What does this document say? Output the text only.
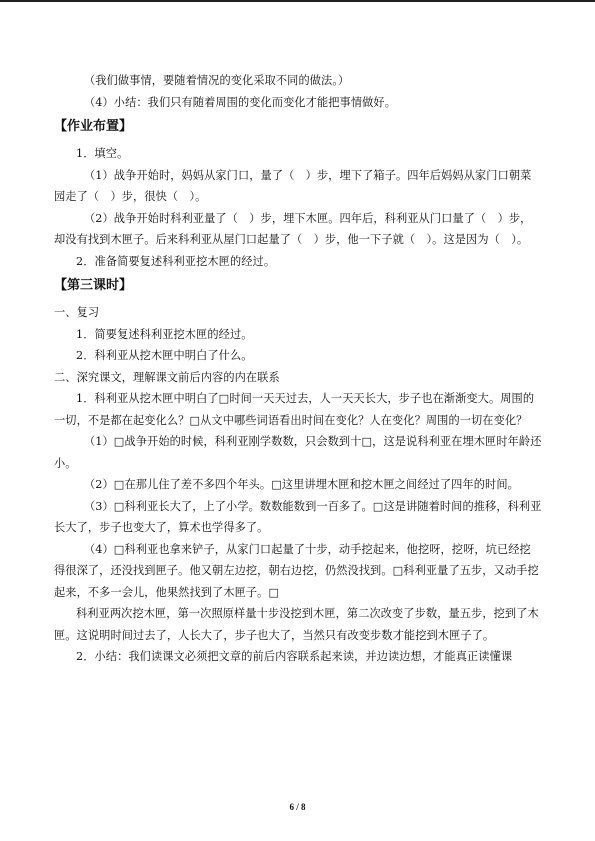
（我们做事情，要随着情况的变化采取不同的做法。）

（4）小结：我们只有随着周围的变化而变化才能把事情做好。

【作业布置】

1．填空。

（1）战争开始时，妈妈从家门口，量了（　）步，埋下了箱子。四年后妈妈从家门口朝菜园走了（　）步，很快（　）。

（2）战争开始时科利亚量了（　）步，埋下木匣。四年后，科利亚从门口量了（　）步，却没有找到木匣子。后来科利亚从屋门口起量了（　）步，他一下子就（　）。这是因为（　）。

2．准备简要复述科利亚挖木匣的经过。

【第三课时】

一、复习

1．简要复述科利亚挖木匣的经过。

2．科利亚从挖木匣中明白了什么。

二、深究课文，理解课文前后内容的内在联系

1．科利亚从挖木匣中明白了□时间一天天过去，人一天天长大，步子也在渐渐变大。周围的一切，不是都在起变化么？□从文中哪些词语看出时间在变化？人在变化？周围的一切在变化？

（1）□战争开始的时候，科利亚刚学数数，只会数到十□，这是说科利亚在埋木匣时年龄还小。

（2）□在那儿住了差不多四个年头。□这里讲埋木匣和挖木匣之间经过了四年的时间。

（3）□科利亚长大了，上了小学。数数能数到一百多了。□这是讲随着时间的推移，科利亚长大了，步子也变大了，算术也学得多了。

（4）□科利亚也拿来铲子，从家门口起量了十步，动手挖起来，他挖呀，挖呀，坑已经挖得很深了，还没找到匣子。他又朝左边挖，朝右边挖，仍然没找到。□科利亚量了五步，又动手挖起来，不多一会儿，他果然找到了木匣子。□

科利亚两次挖木匣，第一次照原样量十步没挖到木匣，第二次改变了步数，量五步，挖到了木匣。这说明时间过去了，人长大了，步子也大了，当然只有改变步数才能挖到木匣子了。

2．小结：我们读课文必须把文章的前后内容联系起来读，并边读边想，才能真正读懂课

6 / 8
